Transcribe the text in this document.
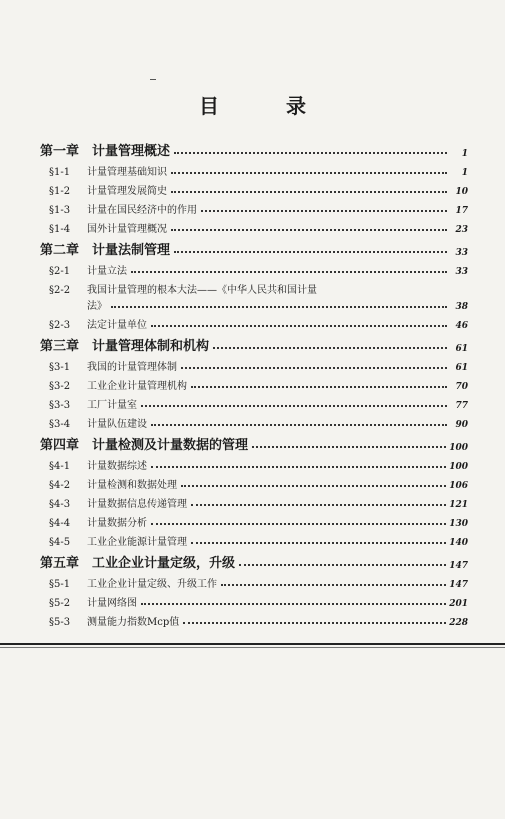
目 录
第一章 计量管理概述	1
§1-1	计量管理基础知识	1
§1-2	计量管理发展简史	10
§1-3	计量在国民经济中的作用	17
§1-4	国外计量管理概况	23
第二章 计量法制管理	33
§2-1	计量立法	33
§2-2	我国计量管理的根本大法——《中华人民共和国计量
法》	38
§2-3	法定计量单位	46
第三章 计量管理体制和机构	61
§3-1	我国的计量管理体制	61
§3-2	工业企业计量管理机构	70
§3-3	工厂计量室	77
§3-4	计量队伍建设	90
第四章 计量检测及计量数据的管理	100
§4-1	计量数据综述	100
§4-2	计量检测和数据处理	106
§4-3	计量数据信息传递管理	121
§4-4	计量数据分析	130
§4-5	工业企业能源计量管理	140
第五章 工业企业计量定级，升级	147
§5-1	工业企业计量定级、升级工作	147
§5-2	计量网络图	201
§5-3	测量能力指数Mcp值	228
